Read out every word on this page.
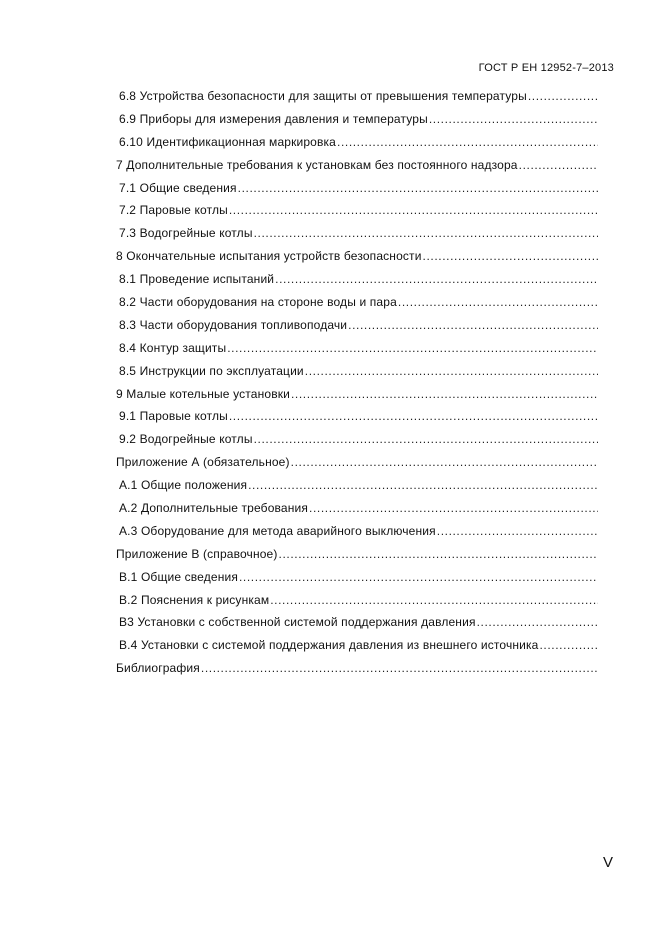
ГОСТ Р ЕН 12952-7–2013
6.8 Устройства безопасности для защиты от превышения температуры
.....
6.9 Приборы для измерения давления и температуры
.....
6.10 Идентификационная маркировка
.....
7 Дополнительные требования к установкам без постоянного надзора
.....
7.1 Общие сведения
.....
7.2 Паровые котлы
.....
7.3 Водогрейные котлы
.....
8 Окончательные испытания устройств безопасности
.....
8.1 Проведение испытаний
.....
8.2 Части оборудования на стороне воды и пара
.....
8.3 Части оборудования топливоподачи
.....
8.4 Контур защиты
.....
8.5 Инструкции по эксплуатации
.....
9 Малые котельные установки
.....
9.1 Паровые котлы
.....
9.2 Водогрейные котлы
.....
Приложение А (обязательное)
.....
А.1 Общие положения
.....
А.2 Дополнительные требования
.....
А.3 Оборудование для метода аварийного выключения
.....
Приложение В (справочное)
.....
В.1 Общие сведения
.....
В.2 Пояснения к рисункам
.....
В3 Установки с собственной системой поддержания давления
.....
В.4 Установки с системой поддержания давления из внешнего источника
.....
Библиография
.....
V
